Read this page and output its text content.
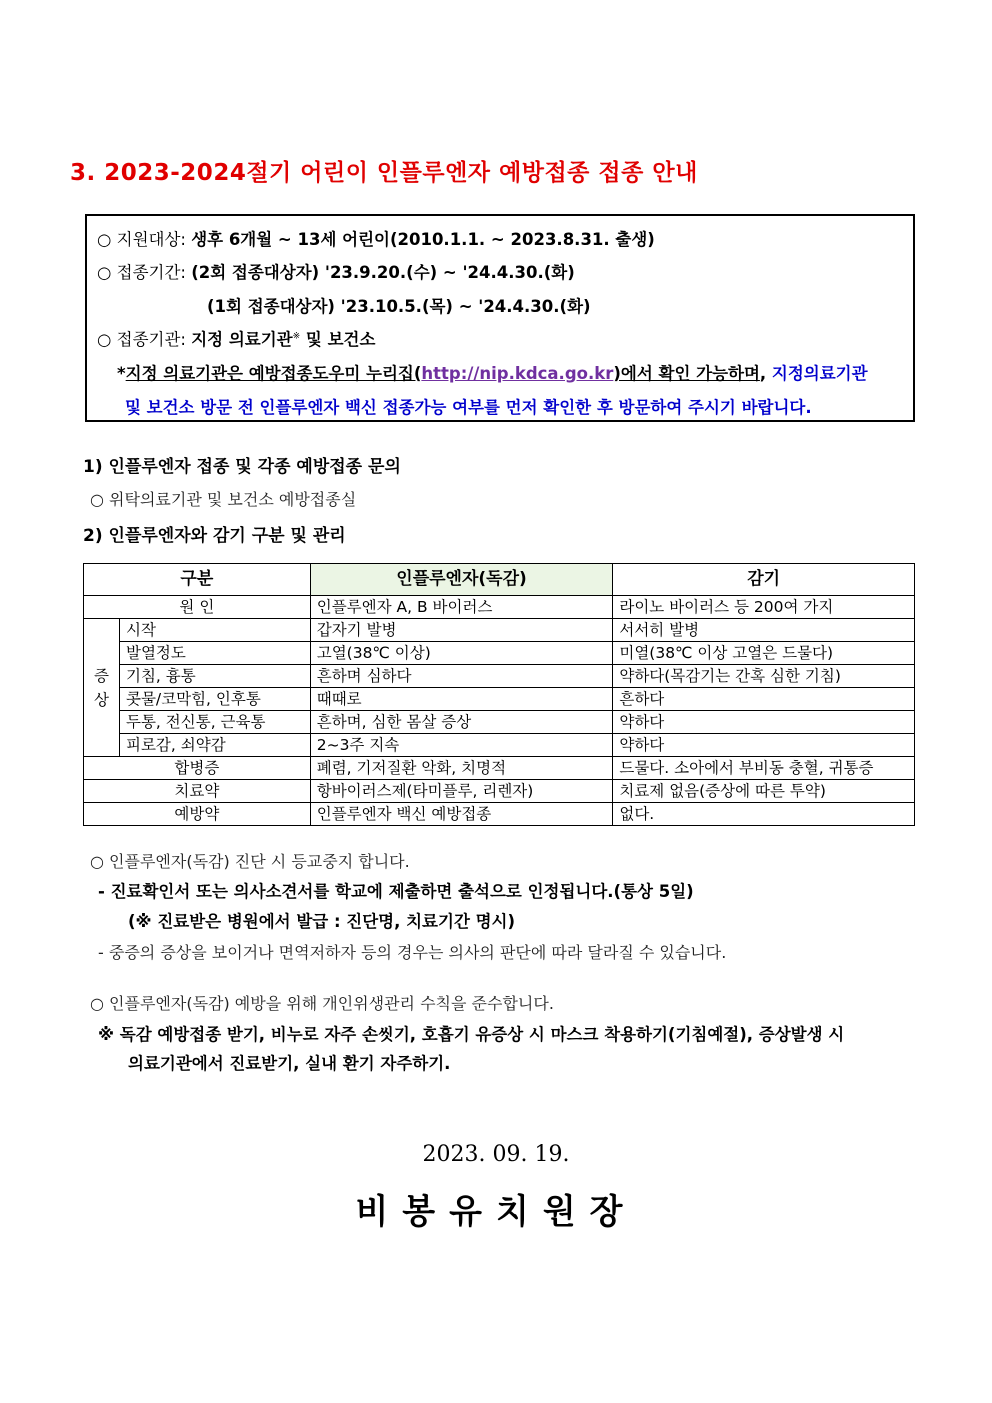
3. 2023-2024절기 어린이 인플루엔자 예방접종 접종 안내
○ 지원대상: 생후 6개월 ~ 13세 어린이(2010.1.1. ~ 2023.8.31. 출생)
○ 접종기간: (2회 접종대상자) '23.9.20.(수) ~ '24.4.30.(화)
(1회 접종대상자) '23.10.5.(목) ~ '24.4.30.(화)
○ 접종기관: 지정 의료기관※ 및 보건소
*지정 의료기관은 예방접종도우미 누리집(http://nip.kdca.go.kr)에서 확인 가능하며, 지정의료기관
및 보건소 방문 전 인플루엔자 백신 접종가능 여부를 먼저 확인한 후 방문하여 주시기 바랍니다.
1) 인플루엔자 접종 및 각종 예방접종 문의
○ 위탁의료기관 및 보건소 예방접종실
2) 인플루엔자와 감기 구분 및 관리
구분		인플루엔자(독감)	감기
원 인		인플루엔자 A, B 바이러스	라이노 바이러스 등 200여 가지
증 상	시작	갑자기 발병	서서히 발병
	발열정도	고열(38℃ 이상)	미열(38℃ 이상 고열은 드물다)
	기침, 흉통	흔하며 심하다	약하다(목감기는 간혹 심한 기침)
	콧물/코막힘, 인후통	때때로	흔하다
	두통, 전신통, 근육통	흔하며, 심한 몸살 증상	약하다
	피로감, 쇠약감	2~3주 지속	약하다
합병증		폐렴, 기저질환 악화, 치명적	드물다. 소아에서 부비동 충혈, 귀통증
치료약		항바이러스제(타미플루, 리렌자)	치료제 없음(증상에 따른 투약)
예방약		인플루엔자 백신 예방접종	없다.
○ 인플루엔자(독감) 진단 시 등교중지 합니다.
- 진료확인서 또는 의사소견서를 학교에 제출하면 출석으로 인정됩니다.(통상 5일)
(※ 진료받은 병원에서 발급 : 진단명, 치료기간 명시)
- 중증의 증상을 보이거나 면역저하자 등의 경우는 의사의 판단에 따라 달라질 수 있습니다.
○ 인플루엔자(독감) 예방을 위해 개인위생관리 수칙을 준수합니다.
※ 독감 예방접종 받기, 비누로 자주 손씻기, 호흡기 유증상 시 마스크 착용하기(기침예절), 증상발생 시
의료기관에서 진료받기, 실내 환기 자주하기.
2023. 09. 19.
비봉유치원장
